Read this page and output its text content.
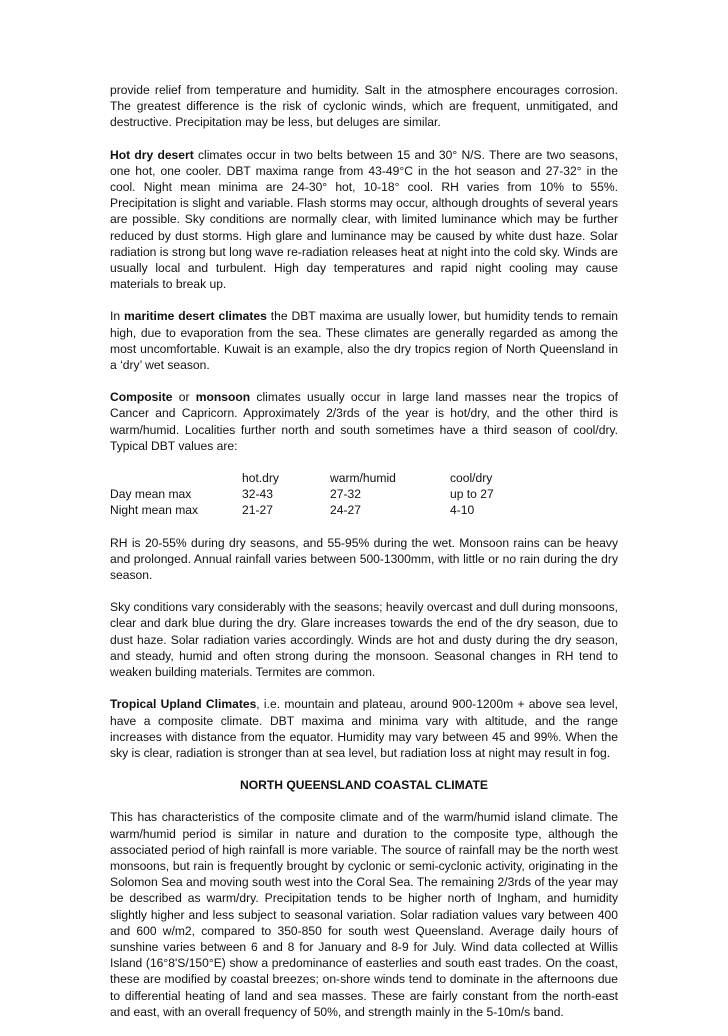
provide relief from temperature and humidity. Salt in the atmosphere encourages corrosion. The greatest difference is the risk of cyclonic winds, which are frequent, unmitigated, and destructive. Precipitation may be less, but deluges are similar.

Hot dry desert climates occur in two belts between 15 and 30° N/S. There are two seasons, one hot, one cooler. DBT maxima range from 43-49°C in the hot season and 27-32° in the cool. Night mean minima are 24-30° hot, 10-18° cool. RH varies from 10% to 55%. Precipitation is slight and variable. Flash storms may occur, although droughts of several years are possible. Sky conditions are normally clear, with limited luminance which may be further reduced by dust storms. High glare and luminance may be caused by white dust haze. Solar radiation is strong but long wave re-radiation releases heat at night into the cold sky. Winds are usually local and turbulent. High day temperatures and rapid night cooling may cause materials to break up.

In maritime desert climates the DBT maxima are usually lower, but humidity tends to remain high, due to evaporation from the sea. These climates are generally regarded as among the most uncomfortable. Kuwait is an example, also the dry tropics region of North Queensland in a ‘dry’ wet season.

Composite or monsoon climates usually occur in large land masses near the tropics of Cancer and Capricorn. Approximately 2/3rds of the year is hot/dry, and the other third is warm/humid. Localities further north and south sometimes have a third season of cool/dry. Typical DBT values are:

	hot.dry	warm/humid	cool/dry
Day mean max	32-43	27-32	up to 27
Night mean max	21-27	24-27	4-10

RH is 20-55% during dry seasons, and 55-95% during the wet. Monsoon rains can be heavy and prolonged. Annual rainfall varies between 500-1300mm, with little or no rain during the dry season.

Sky conditions vary considerably with the seasons; heavily overcast and dull during monsoons, clear and dark blue during the dry. Glare increases towards the end of the dry season, due to dust haze. Solar radiation varies accordingly. Winds are hot and dusty during the dry season, and steady, humid and often strong during the monsoon. Seasonal changes in RH tend to weaken building materials. Termites are common.

Tropical Upland Climates, i.e. mountain and plateau, around 900-1200m + above sea level, have a composite climate. DBT maxima and minima vary with altitude, and the range increases with distance from the equator. Humidity may vary between 45 and 99%. When the sky is clear, radiation is stronger than at sea level, but radiation loss at night may result in fog.

NORTH QUEENSLAND COASTAL CLIMATE

This has characteristics of the composite climate and of the warm/humid island climate. The warm/humid period is similar in nature and duration to the composite type, although the associated period of high rainfall is more variable. The source of rainfall may be the north west monsoons, but rain is frequently brought by cyclonic or semi-cyclonic activity, originating in the Solomon Sea and moving south west into the Coral Sea. The remaining 2/3rds of the year may be described as warm/dry. Precipitation tends to be higher north of Ingham, and humidity slightly higher and less subject to seasonal variation. Solar radiation values vary between 400 and 600 w/m2, compared to 350-850 for south west Queensland. Average daily hours of sunshine varies between 6 and 8 for January and 8-9 for July. Wind data collected at Willis Island (16°8'S/150°E) show a predominance of easterlies and south east trades. On the coast, these are modified by coastal breezes; on-shore winds tend to dominate in the afternoons due to differential heating of land and sea masses. These are fairly constant from the north-east and east, with an overall frequency of 50%, and strength mainly in the 5-10m/s band.
